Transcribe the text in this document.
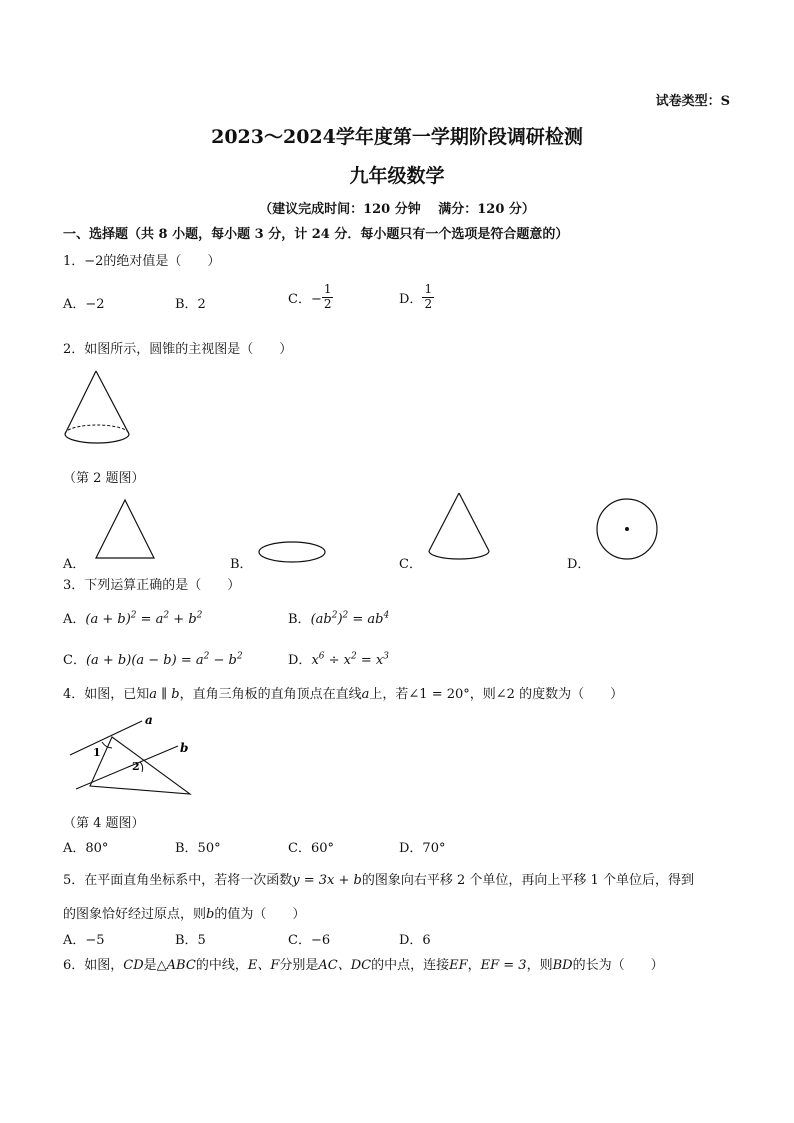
试卷类型：S
2023～2024学年度第一学期阶段调研检测
九年级数学
（建议完成时间：120 分钟　 满分：120 分）
一、选择题（共 8 小题，每小题 3 分，计 24 分．每小题只有一个选项是符合题意的）
1．−2的绝对值是（　　）
A．−2	B．2	C．− $\frac{1}{2}$	D． $\frac{1}{2}$
2．如图所示，圆锥的主视图是（　　）
（第 2 题图）
A．	B．	C．	D．
3．下列运算正确的是（　　）
A．$(a + b)^2 = a^2 + b^2$	B．$(ab^2)^2 = ab^4$
C．$(a + b)(a - b) = a^2 - b^2$	D．$x^6 \div x^2 = x^3$
4．如图，已知a ∥ b，直角三角板的直角顶点在直线a上，若∠1 = 20°，则∠2 的度数为（　　）
a
b
1
2
（第 4 题图）
A．80°	B．50°	C．60°	D．70°
5．在平面直角坐标系中，若将一次函数y = 3x + b的图象向右平移 2 个单位，再向上平移 1 个单位后，得到
的图象恰好经过原点，则b的值为（　　）
A．−5	B．5	C．−6	D．6
6．如图，CD是△ABC的中线，E、F分别是AC、DC的中点，连接EF，EF = 3，则BD的长为（　　）
